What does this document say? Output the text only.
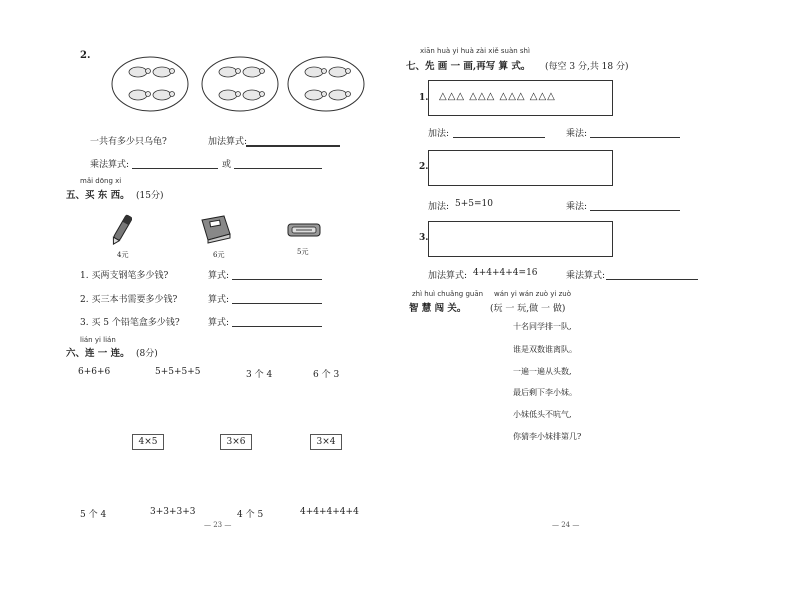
2.
一共有多少只乌龟?	加法算式:
乘法算式:	或
mǎi dōng xi
五、买 东 西。 (15分)
4元	6元	5元
1. 买两支钢笔多少钱?	算式:
2. 买三本书需要多少钱?	算式:
3. 买 5 个铅笔盒多少钱?	算式:
lián yi lián
六、连 一 连。 (8分)
6+6+6	5+5+5+5	3 个 4	6 个 3
4×5	3×6	3×4
5 个 4	3+3+3+3	4 个 5	4+4+4+4+4
— 23 —
xiān huà yi huà zài xiě suàn shì
七、先 画 一 画,再写 算 式。 (每空 3 分,共 18 分)
1. △△△ △△△ △△△ △△△
加法:	乘法:
2.
加法: 5+5=10	乘法:
3.
加法算式: 4+4+4+4=16	乘法算式:
zhì huì chuǎng guān wán yi wán zuò yi zuò
智 慧 闯 关。	(玩 一 玩,做 一 做)
十名同学排一队,
谁是双数谁离队。
一遍一遍从头数,
最后剩下李小妹。
小妹低头不吭气,
你猜李小妹排第几?
— 24 —
